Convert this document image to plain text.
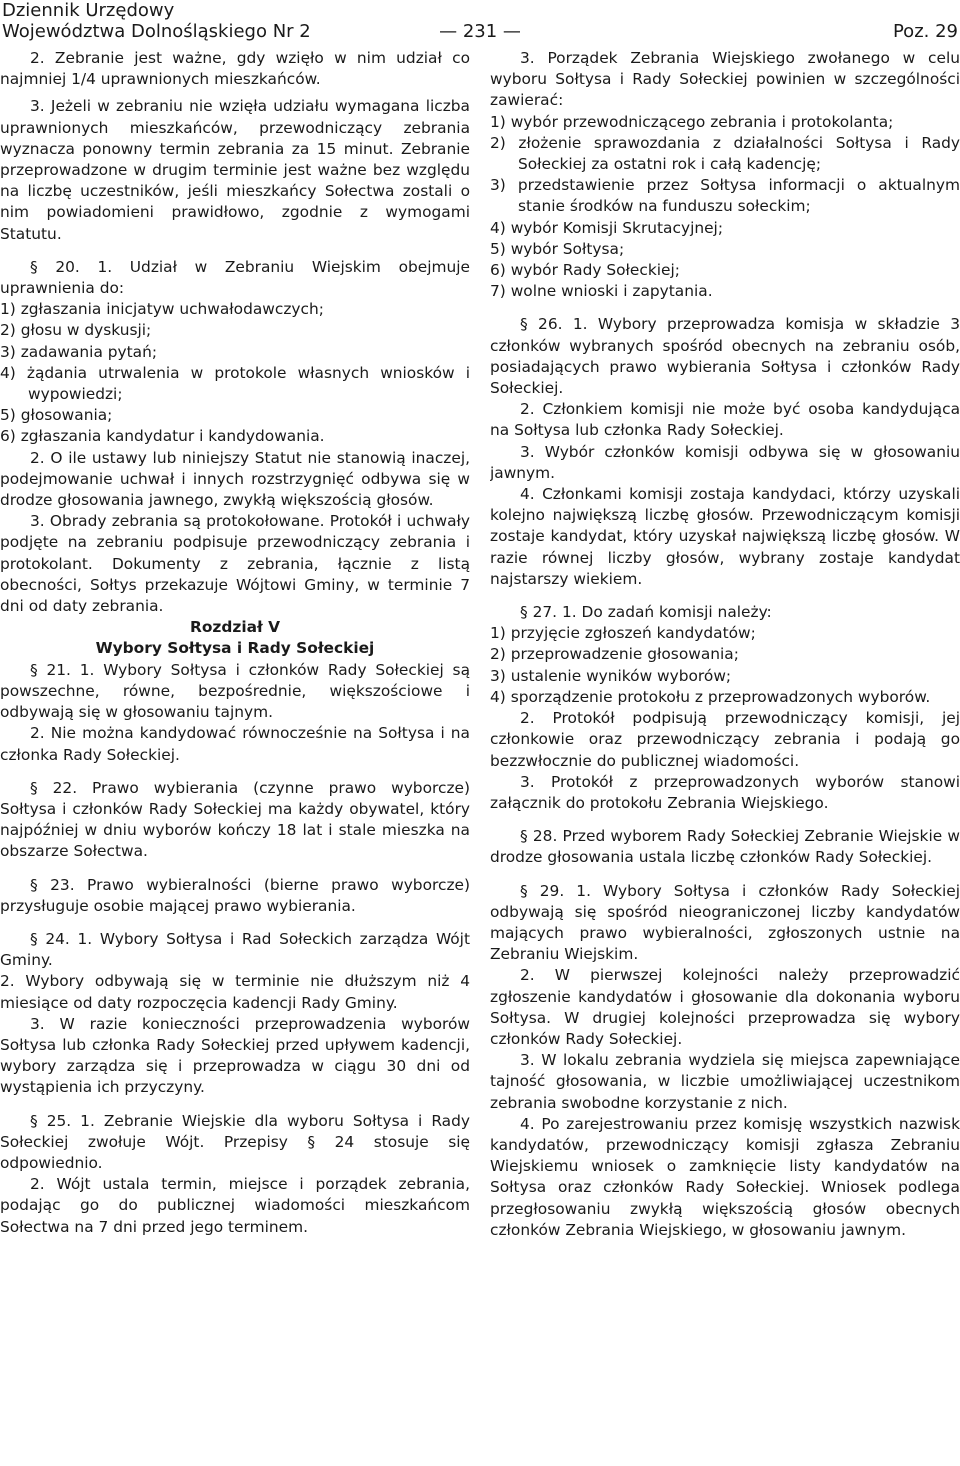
Dziennik Urzędowy
Województwa Dolnośląskiego Nr 2	— 231 —	Poz. 29

2. Zebranie jest ważne, gdy wzięło w nim udział co najmniej 1/4 uprawnionych mieszkańców.

3. Jeżeli w zebraniu nie wzięła udziału wymagana liczba uprawnionych mieszkańców, przewodniczący zebrania wyznacza ponowny termin zebrania za 15 minut. Zebranie przeprowadzone w drugim terminie jest ważne bez względu na liczbę uczestników, jeśli mieszkańcy Sołectwa zostali o nim powiadomieni prawidłowo, zgodnie z wymogami Statutu.

§ 20. 1. Udział w Zebraniu Wiejskim obejmuje uprawnienia do:

1) zgłaszania inicjatyw uchwałodawczych;

2) głosu w dyskusji;

3) zadawania pytań;

4) żądania utrwalenia w protokole własnych wniosków i wypowiedzi;

5) głosowania;

6) zgłaszania kandydatur i kandydowania.

2. O ile ustawy lub niniejszy Statut nie stanowią inaczej, podejmowanie uchwał i innych rozstrzygnięć odbywa się w drodze głosowania jawnego, zwykłą większością głosów.

3. Obrady zebrania są protokołowane. Protokół i uchwały podjęte na zebraniu podpisuje przewodniczący zebrania i protokolant. Dokumenty z zebrania, łącznie z listą obecności, Sołtys przekazuje Wójtowi Gminy, w terminie 7 dni od daty zebrania.

Rozdział V

Wybory Sołtysa i Rady Sołeckiej

§ 21. 1. Wybory Sołtysa i członków Rady Sołeckiej są powszechne, równe, bezpośrednie, większościowe i odbywają się w głosowaniu tajnym.

2. Nie można kandydować równocześnie na Sołtysa i na członka Rady Sołeckiej.

§ 22. Prawo wybierania (czynne prawo wyborcze) Sołtysa i członków Rady Sołeckiej ma każdy obywatel, który najpóźniej w dniu wyborów kończy 18 lat i stale mieszka na obszarze Sołectwa.

§ 23. Prawo wybieralności (bierne prawo wyborcze) przysługuje osobie mającej prawo wybierania.

§ 24. 1. Wybory Sołtysa i Rad Sołeckich zarządza Wójt Gminy.

2. Wybory odbywają się w terminie nie dłuższym niż 4 miesiące od daty rozpoczęcia kadencji Rady Gminy.

3. W razie konieczności przeprowadzenia wyborów Sołtysa lub członka Rady Sołeckiej przed upływem kadencji, wybory zarządza się i przeprowadza w ciągu 30 dni od wystąpienia ich przyczyny.

§ 25. 1. Zebranie Wiejskie dla wyboru Sołtysa i Rady Sołeckiej zwołuje Wójt. Przepisy § 24 stosuje się odpowiednio.

2. Wójt ustala termin, miejsce i porządek zebrania, podając go do publicznej wiadomości mieszkańcom Sołectwa na 7 dni przed jego terminem.

3. Porządek Zebrania Wiejskiego zwołanego w celu wyboru Sołtysa i Rady Sołeckiej powinien w szczególności zawierać:

1) wybór przewodniczącego zebrania i protokolanta;

2) złożenie sprawozdania z działalności Sołtysa i Rady Sołeckiej za ostatni rok i całą kadencję;

3) przedstawienie przez Sołtysa informacji o aktualnym stanie środków na funduszu sołeckim;

4) wybór Komisji Skrutacyjnej;

5) wybór Sołtysa;

6) wybór Rady Sołeckiej;

7) wolne wnioski i zapytania.

§ 26. 1. Wybory przeprowadza komisja w składzie 3 członków wybranych spośród obecnych na zebraniu osób, posiadających prawo wybierania Sołtysa i członków Rady Sołeckiej.

2. Członkiem komisji nie może być osoba kandydująca na Sołtysa lub członka Rady Sołeckiej.

3. Wybór członków komisji odbywa się w głosowaniu jawnym.

4. Członkami komisji zostaja kandydaci, którzy uzyskali kolejno największą liczbę głosów. Przewodniczącym komisji zostaje kandydat, który uzyskał największą liczbę głosów. W razie równej liczby głosów, wybrany zostaje kandydat najstarszy wiekiem.

§ 27. 1. Do zadań komisji należy:

1) przyjęcie zgłoszeń kandydatów;

2) przeprowadzenie głosowania;

3) ustalenie wyników wyborów;

4) sporządzenie protokołu z przeprowadzonych wyborów.

2. Protokół podpisują przewodniczący komisji, jej członkowie oraz przewodniczący zebrania i podają go bezzwłocznie do publicznej wiadomości.

3. Protokół z przeprowadzonych wyborów stanowi załącznik do protokołu Zebrania Wiejskiego.

§ 28. Przed wyborem Rady Sołeckiej Zebranie Wiejskie w drodze głosowania ustala liczbę członków Rady Sołeckiej.

§ 29. 1. Wybory Sołtysa i członków Rady Sołeckiej odbywają się spośród nieograniczonej liczby kandydatów mających prawo wybieralności, zgłoszonych ustnie na Zebraniu Wiejskim.

2. W pierwszej kolejności należy przeprowadzić zgłoszenie kandydatów i głosowanie dla dokonania wyboru Sołtysa. W drugiej kolejności przeprowadza się wybory członków Rady Sołeckiej.

3. W lokalu zebrania wydziela się miejsca zapewniające tajność głosowania, w liczbie umożliwiającej uczestnikom zebrania swobodne korzystanie z nich.

4. Po zarejestrowaniu przez komisję wszystkich nazwisk kandydatów, przewodniczący komisji zgłasza Zebraniu Wiejskiemu wniosek o zamknięcie listy kandydatów na Sołtysa oraz członków Rady Sołeckiej. Wniosek podlega przegłosowaniu zwykłą większością głosów obecnych członków Zebrania Wiejskiego, w głosowaniu jawnym.
